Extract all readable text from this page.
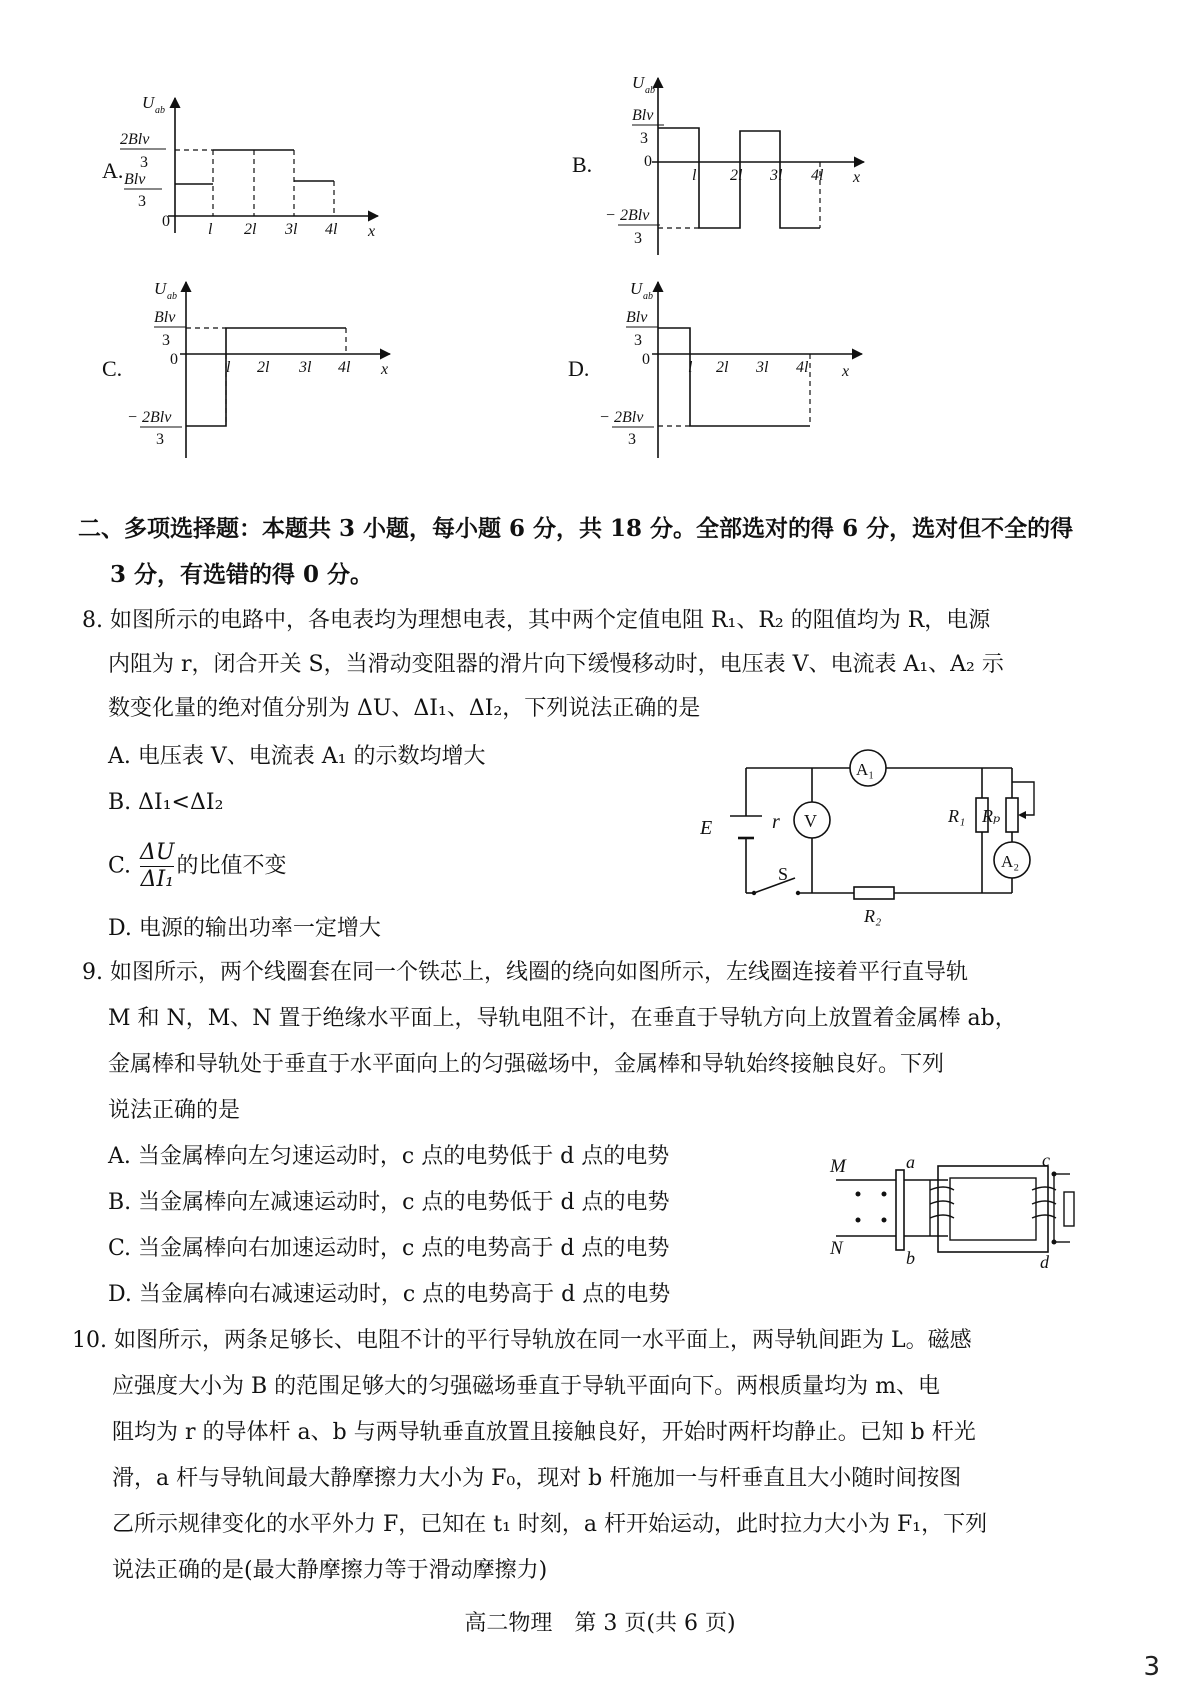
A.
U ab
2Blv
3
Blv
3
0 l 2l 3l 4l x
B.
U ab
Blv
3
0
− 2Blv
3
l 2l 3l 4l x
C.
U ab
Blv
3
0
− 2Blv
3
l 2l 3l 4l x	D.
U ab
Blv
3
0
− 2Blv
3
l 2l 3l 4l x
二、多项选择题：本题共 3 小题，每小题 6 分，共 18 分。全部选对的得 6 分，选对但不全的得
3 分，有选错的得 0 分。
8. 如图所示的电路中，各电表均为理想电表，其中两个定值电阻 R₁、R₂ 的阻值均为 R，电源
内阻为 r，闭合开关 S，当滑动变阻器的滑片向下缓慢移动时，电压表 V、电流表 A₁、A₂ 示
数变化量的绝对值分别为 ΔU、ΔI₁、ΔI₂，下列说法正确的是
A. 电压表 V、电流表 A₁ 的示数均增大
B. ΔI₁<ΔI₂
C. $\frac{\Delta U}{\text{ΔI₁}}$ 的比值不变
D. 电源的输出功率一定增大
E	r
S
R₂
V
A₁
R₁ Rₚ
A₂
9. 如图所示，两个线圈套在同一个铁芯上，线圈的绕向如图所示，左线圈连接着平行直导轨
M 和 N，M、N 置于绝缘水平面上，导轨电阻不计，在垂直于导轨方向上放置着金属棒 ab，
金属棒和导轨处于垂直于水平面向上的匀强磁场中，金属棒和导轨始终接触良好。下列
说法正确的是
A. 当金属棒向左匀速运动时，c 点的电势低于 d 点的电势
B. 当金属棒向左减速运动时，c 点的电势低于 d 点的电势
C. 当金属棒向右加速运动时，c 点的电势高于 d 点的电势
D. 当金属棒向右减速运动时，c 点的电势高于 d 点的电势
M
N
a
b
c
d
10. 如图所示，两条足够长、电阻不计的平行导轨放在同一水平面上，两导轨间距为 L。磁感
应强度大小为 B 的范围足够大的匀强磁场垂直于导轨平面向下。两根质量均为 m、电
阻均为 r 的导体杆 a、b 与两导轨垂直放置且接触良好，开始时两杆均静止。已知 b 杆光
滑，a 杆与导轨间最大静摩擦力大小为 F₀，现对 b 杆施加一与杆垂直且大小随时间按图
乙所示规律变化的水平外力 F，已知在 t₁ 时刻，a 杆开始运动，此时拉力大小为 F₁，下列
说法正确的是(最大静摩擦力等于滑动摩擦力)
高二物理　第 3 页(共 6 页)
3
